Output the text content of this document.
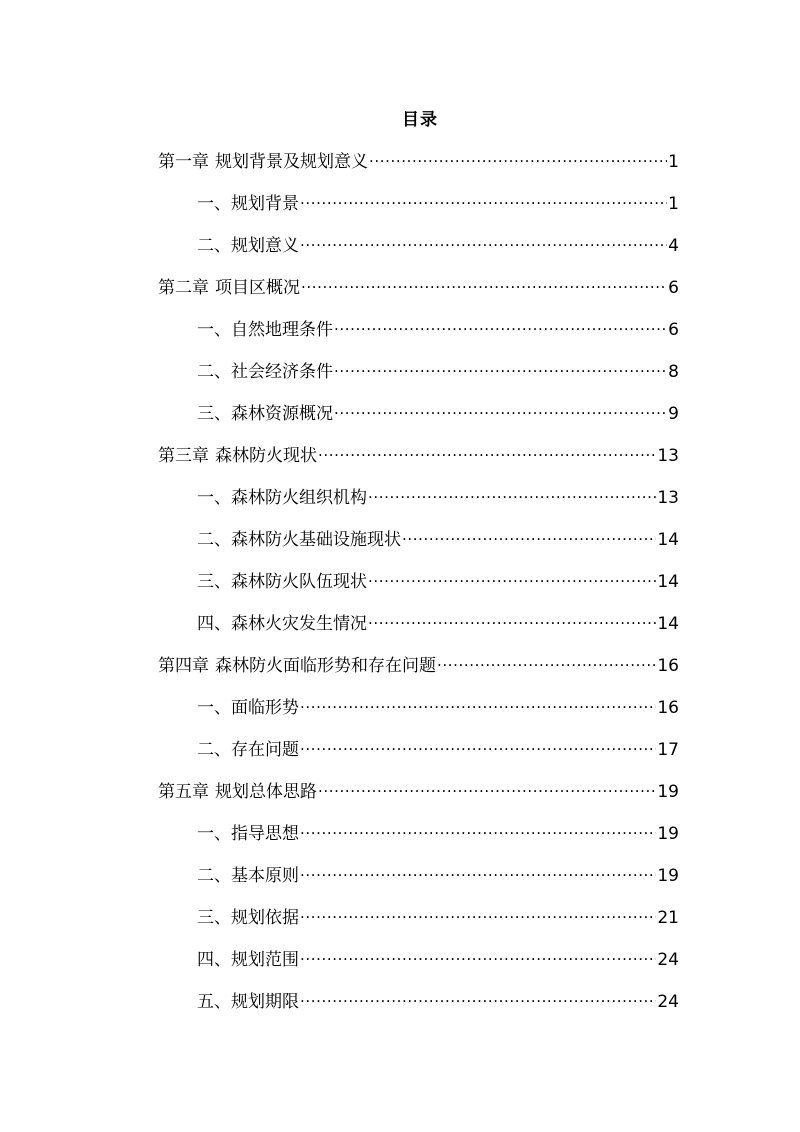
目录
第一章 规划背景及规划意义 .....	1
一、规划背景 .....	1
二、规划意义 .....	4
第二章 项目区概况 .....	6
一、自然地理条件 .....	6
二、社会经济条件 .....	8
三、森林资源概况 .....	9
第三章 森林防火现状 .....	13
一、森林防火组织机构 .....	13
二、森林防火基础设施现状 .....	14
三、森林防火队伍现状 .....	14
四、森林火灾发生情况 .....	14
第四章 森林防火面临形势和存在问题 .....	16
一、面临形势 .....	16
二、存在问题 .....	17
第五章 规划总体思路 .....	19
一、指导思想 .....	19
二、基本原则 .....	19
三、规划依据 .....	21
四、规划范围 .....	24
五、规划期限 .....	24
